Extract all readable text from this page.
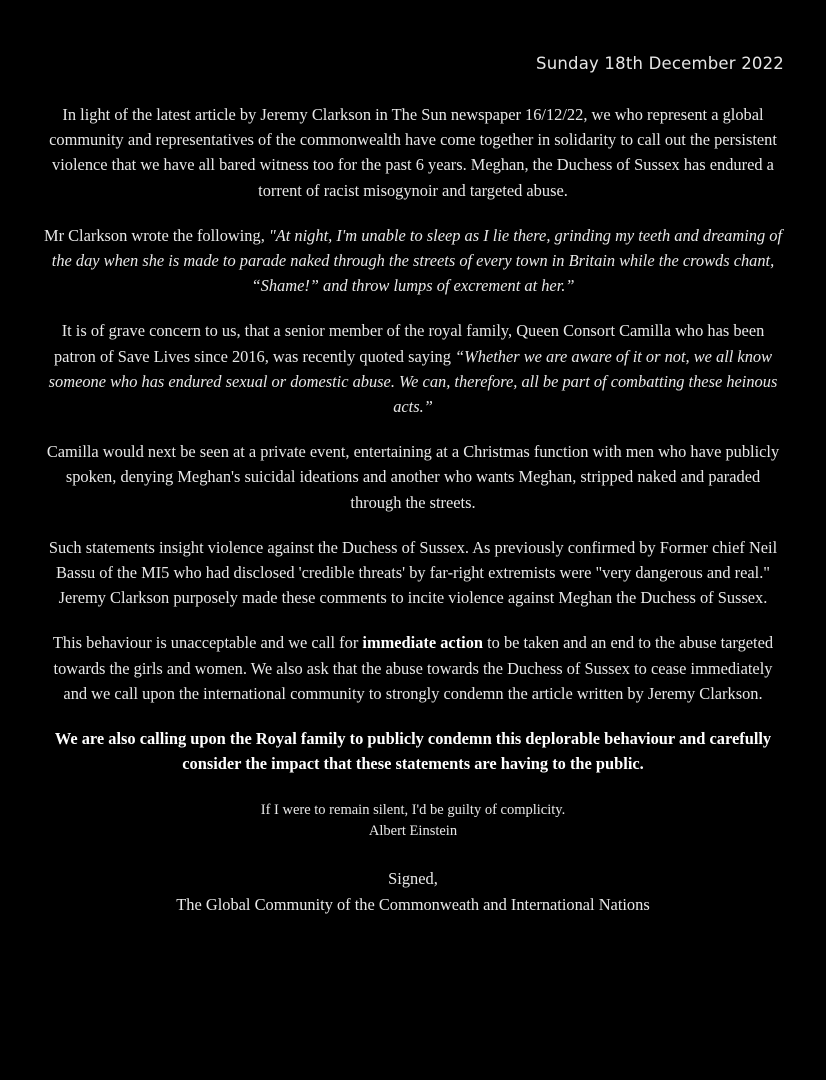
Sunday 18th December 2022

In light of the latest article by Jeremy Clarkson in The Sun newspaper 16/12/22, we who represent a global community and representatives of the commonwealth have come together in solidarity to call out the persistent violence that we have all bared witness too for the past 6 years. Meghan, the Duchess of Sussex has endured a torrent of racist misogynoir and targeted abuse.

Mr Clarkson wrote the following, "At night, I'm unable to sleep as I lie there, grinding my teeth and dreaming of the day when she is made to parade naked through the streets of every town in Britain while the crowds chant, “Shame!” and throw lumps of excrement at her.”

It is of grave concern to us, that a senior member of the royal family, Queen Consort Camilla who has been patron of Save Lives since 2016, was recently quoted saying “Whether we are aware of it or not, we all know someone who has endured sexual or domestic abuse. We can, therefore, all be part of combatting these heinous acts.”

Camilla would next be seen at a private event, entertaining at a Christmas function with men who have publicly spoken, denying Meghan's suicidal ideations and another who wants Meghan, stripped naked and paraded through the streets.

Such statements insight violence against the Duchess of Sussex. As previously confirmed by Former chief Neil Bassu of the MI5 who had disclosed 'credible threats' by far-right extremists were "very dangerous and real." Jeremy Clarkson purposely made these comments to incite violence against Meghan the Duchess of Sussex.

This behaviour is unacceptable and we call for immediate action to be taken and an end to the abuse targeted towards the girls and women. We also ask that the abuse towards the Duchess of Sussex to cease immediately and we call upon the international community to strongly condemn the article written by Jeremy Clarkson.

We are also calling upon the Royal family to publicly condemn this deplorable behaviour and carefully consider the impact that these statements are having to the public.

If I were to remain silent, I'd be guilty of complicity.
Albert Einstein
Signed,
The Global Community of the Commonweath and International Nations
